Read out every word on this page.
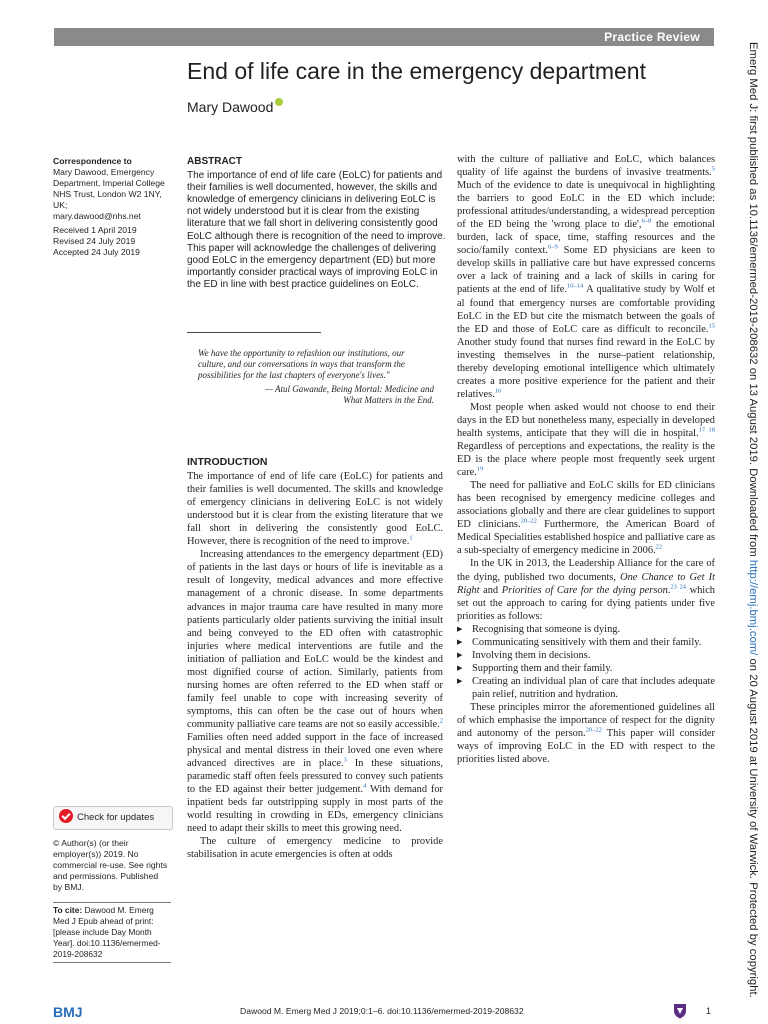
Practice Review
End of life care in the emergency department
Mary Dawood

Correspondence to

Mary Dawood, Emergency

Department, Imperial College

NHS Trust, London W2 1NY, UK;

mary.dawood@nhs.net

Received 1 April 2019

Revised 24 July 2019

Accepted 24 July 2019

Check for updates

© Author(s) (or their

employer(s)) 2019. No

commercial re-use. See rights

and permissions. Published

by BMJ.

To cite: Dawood M. Emerg Med J Epub ahead of print: [please include Day Month Year]. doi:10.1136/emermed-2019-208632
ABSTRACT

The importance of end of life care (EoLC) for patients and their families is well documented, however, the skills and knowledge of emergency clinicians in delivering EoLC is not widely understood but it is clear from the existing literature that we fall short in delivering consistently good EoLC although there is recognition of the need to improve. This paper will acknowledge the challenges of delivering good EoLC in the emergency department (ED) but more importantly consider practical ways of improving EoLC in the ED in line with best practice guidelines on EoLC.

We have the opportunity to refashion our institutions, our culture, and our conversations in ways that transform the possibilities for the last chapters of everyone's lives."

— Atul Gawande, Being Mortal: Medicine and

What Matters in the End.

INTRODUCTION

The importance of end of life care (EoLC) for patients and their families is well documented. The skills and knowledge of emergency clinicians in delivering EoLC is not widely understood but it is clear from the existing literature that we fall short in delivering the consistently good EoLC. However, there is recognition of the need to improve.$^1$

Increasing attendances to the emergency department (ED) of patients in the last days or hours of life is inevitable as a result of longevity, medical advances and more effective management of a chronic disease. In some departments advances in major trauma care have resulted in many more patients particularly older patients surviving the initial insult and being conveyed to the ED often with catastrophic injuries where medical interventions are futile and the initiation of palliation and EoLC would be the kindest and most dignified course of action. Similarly, patients from nursing homes are often referred to the ED when staff or family feel unable to cope with increasing severity of symptoms, this can often be the case out of hours when community palliative care teams are not so easily accessible.$^2$ Families often need added support in the face of increased physical and mental distress in their loved one even where advanced directives are in place.$^3$ In these situations, paramedic staff often feels pressured to convey such patients to the ED against their better judgement.$^4$ With demand for inpatient beds far outstripping supply in most parts of the world resulting in crowding in EDs, emergency clinicians need to adapt their skills to meet this growing need.

The culture of emergency medicine to provide stabilisation in acute emergencies is often at odds

with the culture of palliative and EoLC, which balances quality of life against the burdens of invasive treatments.$^5$ Much of the evidence to date is unequivocal in highlighting the barriers to good EoLC in the ED which include: professional attitudes/understanding, a widespread perception of the ED being the 'wrong place to die',$^{6-8}$ the emotional burden, lack of space, time, staffing resources and the socio/family context.$^{6-9}$ Some ED physicians are keen to develop skills in palliative care but have expressed concerns over a lack of training and a lack of skills in caring for patients at the end of life.$^{10-14}$ A qualitative study by Wolf et al found that emergency nurses are comfortable providing EoLC in the ED but cite the mismatch between the goals of the ED and those of EoLC care as difficult to reconcile.$^{15}$ Another study found that nurses find reward in the EoLC by investing themselves in the nurse–patient relationship, thereby developing emotional intelligence which ultimately creates a more positive experience for the patient and their relatives.$^{16}$

Most people when asked would not choose to end their days in the ED but nonetheless many, especially in developed health systems, anticipate that they will die in hospital.$^{17 18}$ Regardless of perceptions and expectations, the reality is the ED is the place where people most frequently seek urgent care.$^{19}$

The need for palliative and EoLC skills for ED clinicians has been recognised by emergency medicine colleges and associations globally and there are clear guidelines to support ED clinicians.$^{20-22}$ Furthermore, the American Board of Medical Specialities established hospice and palliative care as a sub-specialty of emergency medicine in 2006.22

In the UK in 2013, the Leadership Alliance for the care of the dying, published two documents, One Chance to Get It Right and Priorities of Care for the dying person.$^{23 24}$ which set out the approach to caring for dying patients under five priorities as follows:

▶ Recognising that someone is dying.
▶ Communicating sensitively with them and their family.
▶ Involving them in decisions.
▶ Supporting them and their family.
▶ Creating an individual plan of care that includes adequate pain relief, nutrition and hydration.

These principles mirror the aforementioned guidelines all of which emphasise the importance of respect for the dignity and autonomy of the person.$^{20-22}$ This paper will consider ways of improving EoLC in the ED with respect to the priorities listed above.

BMJ	Dawood M. Emerg Med J 2019;0:1–6. doi:10.1136/emermed-2019-208632	1
Emerg Med J: first published as 10.1136/emermed-2019-208632 on 13 August 2019. Downloaded from http://emj.bmj.com/ on 20 August 2019 at University of Warwick. Protected by copyright.
